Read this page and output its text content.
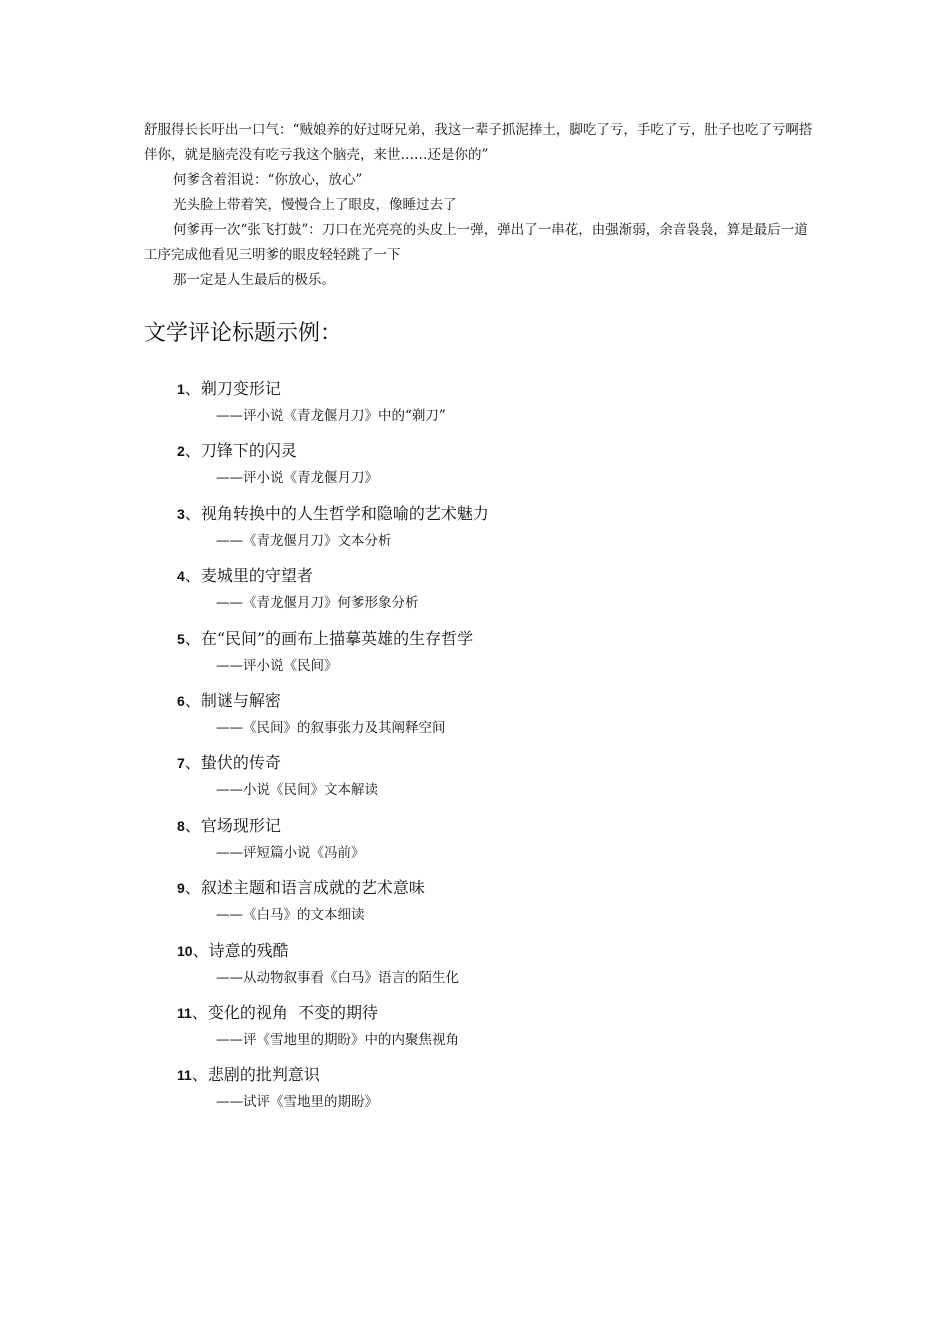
舒服得长长吁出一口气：“贼娘养的好过呀兄弟，我这一辈子抓泥捧土，脚吃了亏，手吃了亏，肚子也吃了亏啊搭伴你，就是脑壳没有吃亏我这个脑壳，来世……还是你的”

何爹含着泪说：“你放心，放心”

光头脸上带着笑，慢慢合上了眼皮，像睡过去了

何爹再一次“张飞打鼓”：刀口在光亮亮的头皮上一弹，弹出了一串花，由强渐弱，余音袅袅，算是最后一道工序完成他看见三明爹的眼皮轻轻跳了一下

那一定是人生最后的极乐。

文学评论标题示例：
1、剃刀变形记
——评小说《青龙偃月刀》中的“剃刀”
2、刀锋下的闪灵
——评小说《青龙偃月刀》
3、视角转换中的人生哲学和隐喻的艺术魅力
——《青龙偃月刀》文本分析
4、麦城里的守望者
——《青龙偃月刀》何爹形象分析
5、在“民间”的画布上描摹英雄的生存哲学
——评小说《民间》
6、制谜与解密
——《民间》的叙事张力及其阐释空间
7、蛰伏的传奇
——小说《民间》文本解读
8、官场现形记
——评短篇小说《冯前》
9、叙述主题和语言成就的艺术意味
——《白马》的文本细读
10、诗意的残酷
——从动物叙事看《白马》语言的陌生化
11、变化的视角  不变的期待
——评《雪地里的期盼》中的内聚焦视角
11、悲剧的批判意识
——试评《雪地里的期盼》
